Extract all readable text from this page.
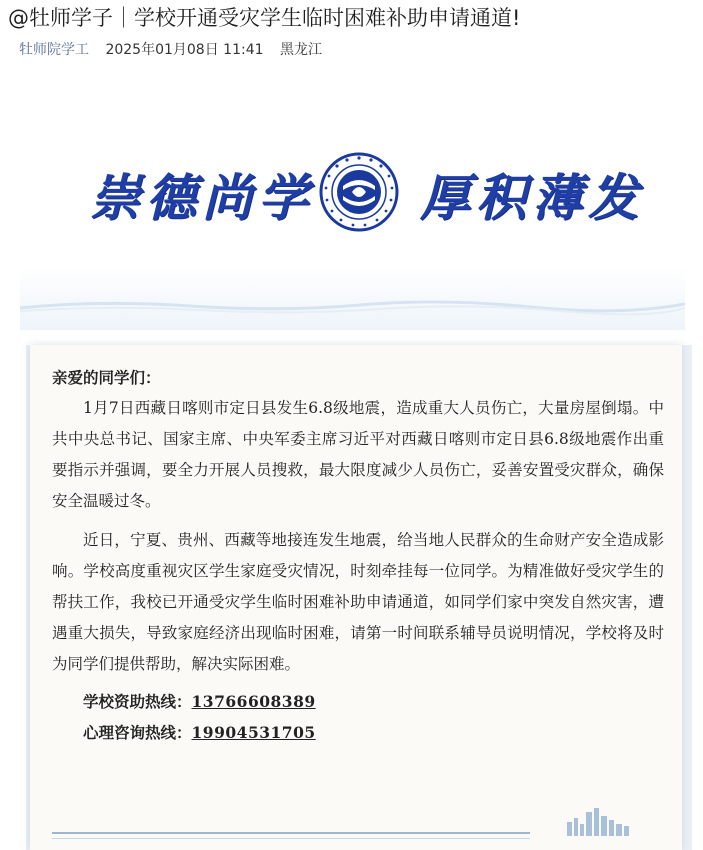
@牡师学子｜学校开通受灾学生临时困难补助申请通道!
牡师院学工 2025年01月08日 11:41 黑龙江
崇德尚学 厚积薄发

亲爱的同学们：

1月7日西藏日喀则市定日县发生6.8级地震，造成重大人员伤亡，大量房屋倒塌。中共中央总书记、国家主席、中央军委主席习近平对西藏日喀则市定日县6.8级地震作出重要指示并强调，要全力开展人员搜救，最大限度减少人员伤亡，妥善安置受灾群众，确保安全温暖过冬。

近日，宁夏、贵州、西藏等地接连发生地震，给当地人民群众的生命财产安全造成影响。学校高度重视灾区学生家庭受灾情况，时刻牵挂每一位同学。为精准做好受灾学生的帮扶工作，我校已开通受灾学生临时困难补助申请通道，如同学们家中突发自然灾害，遭遇重大损失，导致家庭经济出现临时困难，请第一时间联系辅导员说明情况，学校将及时为同学们提供帮助，解决实际困难。

学校资助热线：13766608389
心理咨询热线：19904531705
